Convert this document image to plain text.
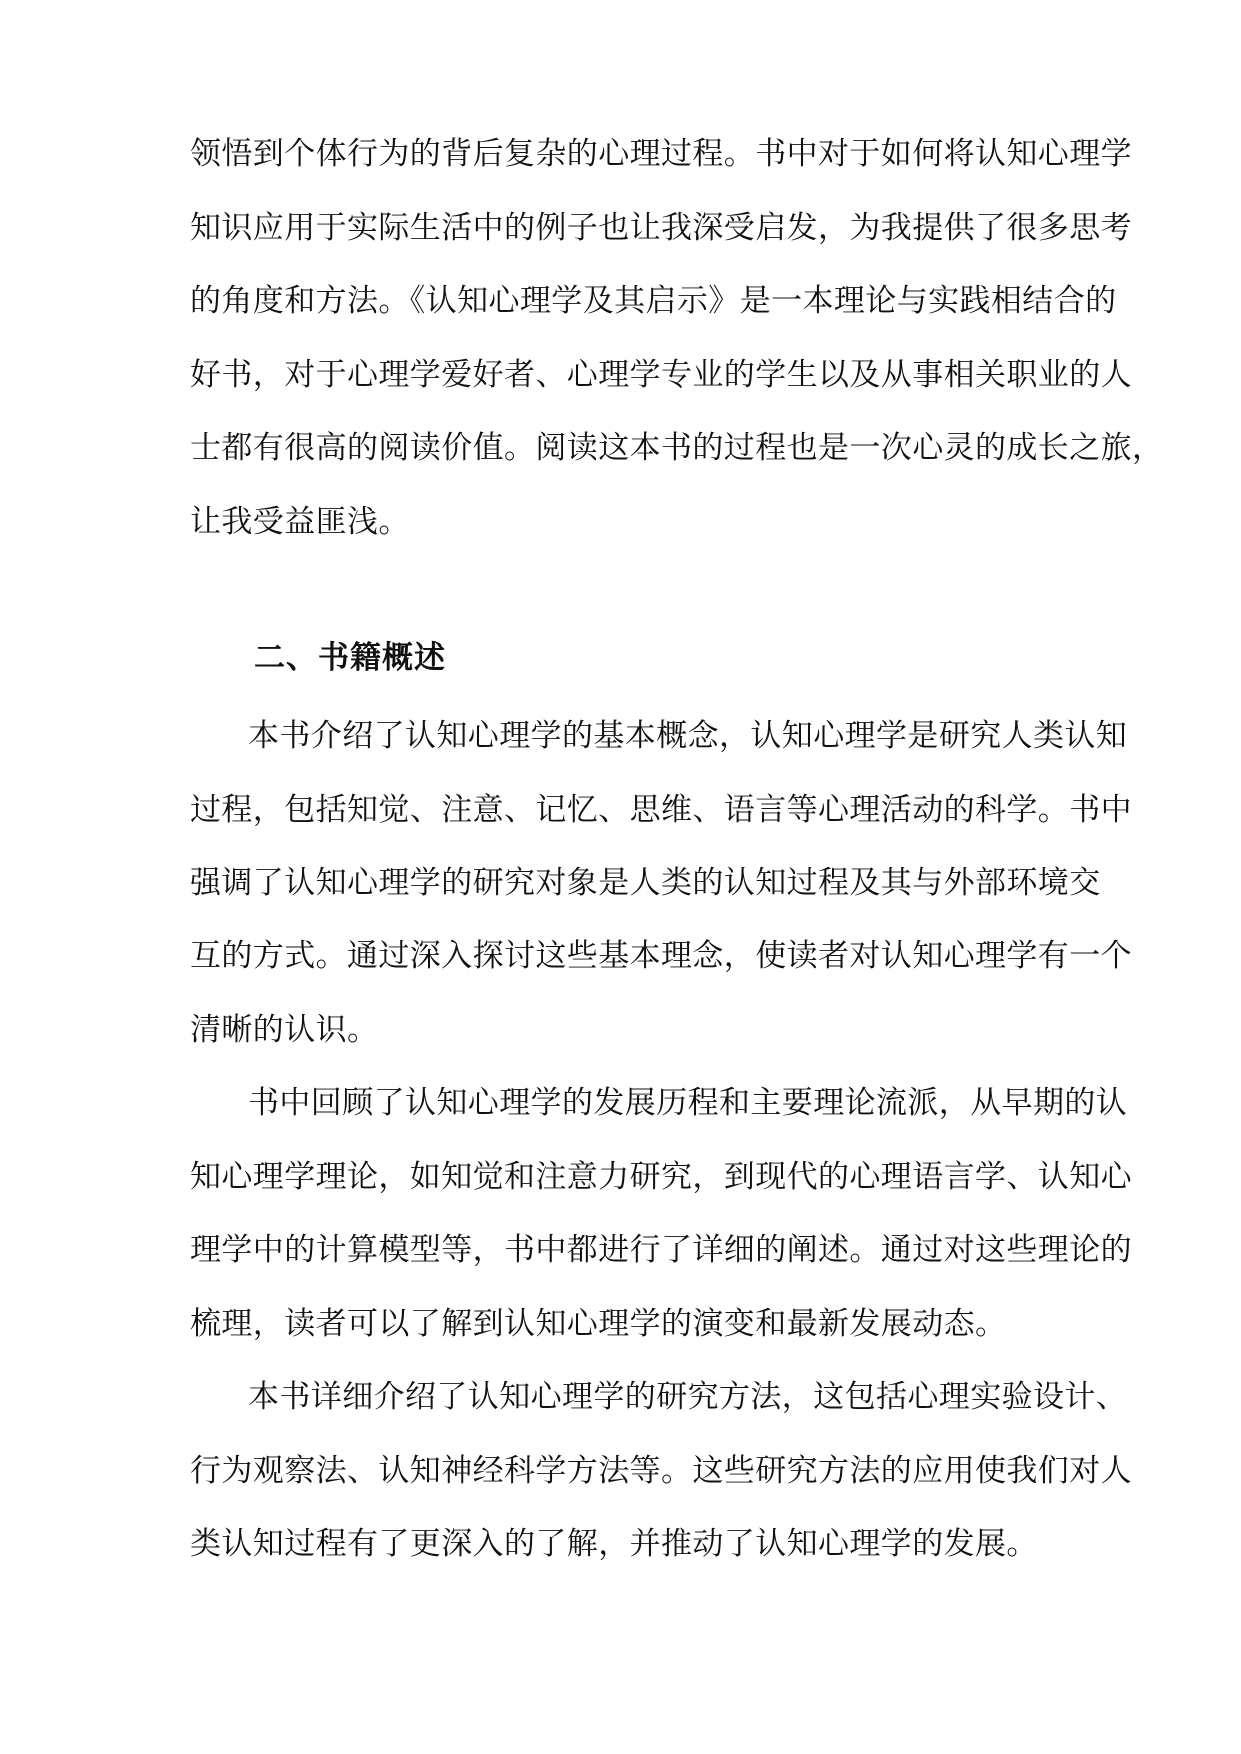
领悟到个体行为的背后复杂的心理过程。书中对于如何将认知心理学
知识应用于实际生活中的例子也让我深受启发，为我提供了很多思考
的角度和方法。《认知心理学及其启示》是一本理论与实践相结合的
好书，对于心理学爱好者、心理学专业的学生以及从事相关职业的人
士都有很高的阅读价值。阅读这本书的过程也是一次心灵的成长之旅，
让我受益匪浅。
二、书籍概述
本书介绍了认知心理学的基本概念，认知心理学是研究人类认知
过程，包括知觉、注意、记忆、思维、语言等心理活动的科学。书中
强调了认知心理学的研究对象是人类的认知过程及其与外部环境交
互的方式。通过深入探讨这些基本理念，使读者对认知心理学有一个
清晰的认识。
书中回顾了认知心理学的发展历程和主要理论流派，从早期的认
知心理学理论，如知觉和注意力研究，到现代的心理语言学、认知心
理学中的计算模型等，书中都进行了详细的阐述。通过对这些理论的
梳理，读者可以了解到认知心理学的演变和最新发展动态。
本书详细介绍了认知心理学的研究方法，这包括心理实验设计、
行为观察法、认知神经科学方法等。这些研究方法的应用使我们对人
类认知过程有了更深入的了解，并推动了认知心理学的发展。
